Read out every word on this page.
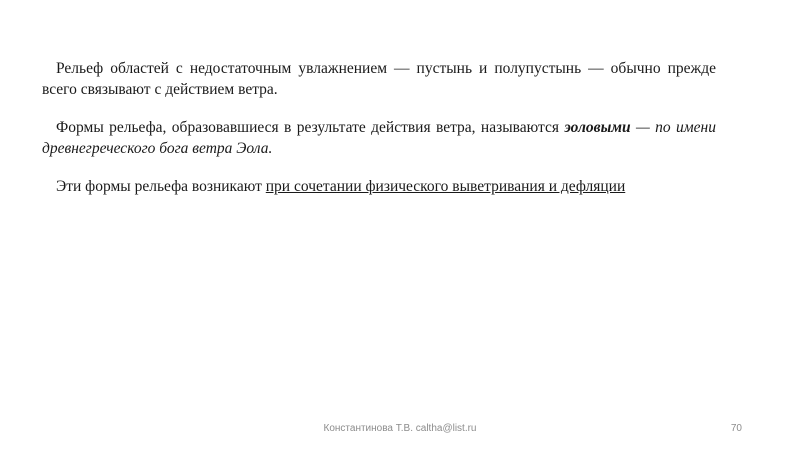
Рельеф областей с недостаточным увлажнением — пустынь и полупустынь — обычно прежде всего связывают с действием ветра.

Формы рельефа, образовавшиеся в результате действия ветра, называются эоловыми — по имени древнегреческого бога ветра Эола.

Эти формы рельефа возникают при сочетании физического выветривания и дефляции

Константинова Т.В. caltha@list.ru	70
